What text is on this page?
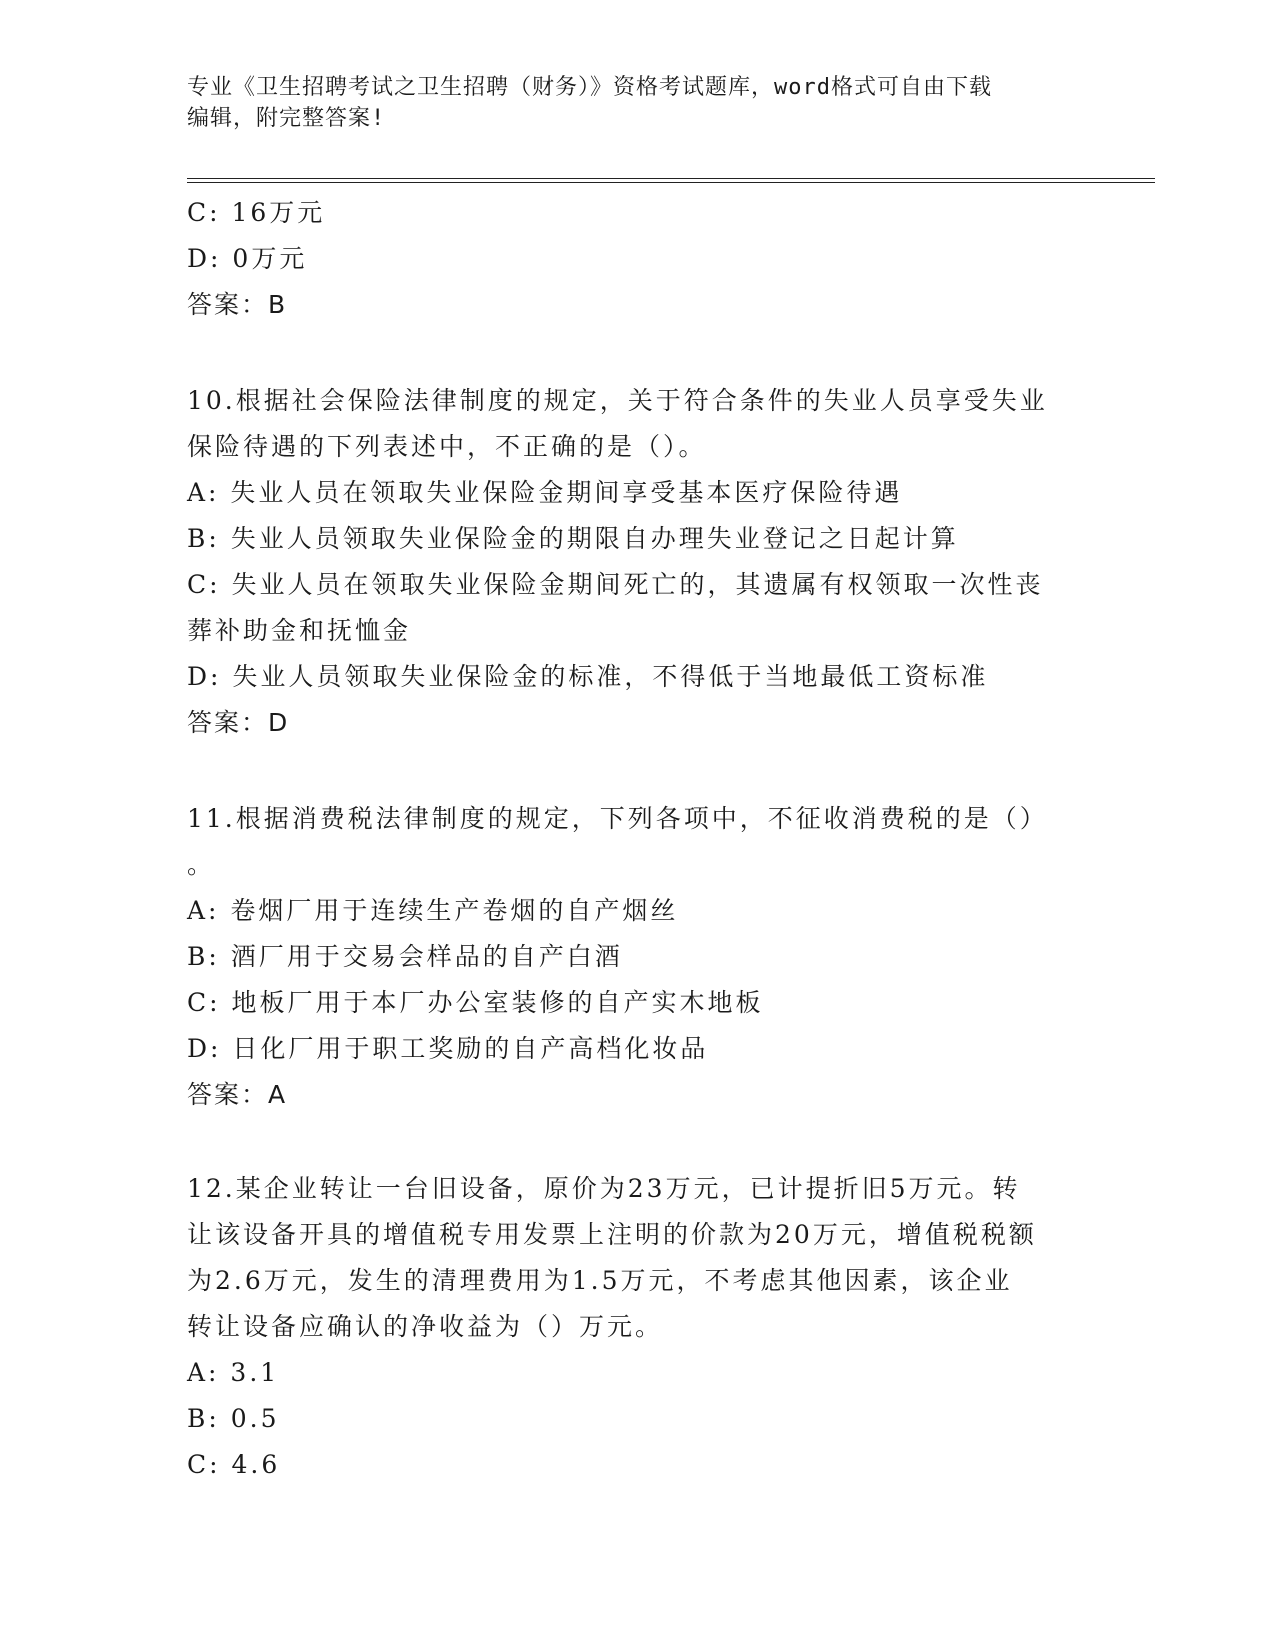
专业《卫生招聘考试之卫生招聘（财务）》资格考试题库，word格式可自由下载
编辑，附完整答案!
C: 16万元
D: 0万元
答案：B
10.根据社会保险法律制度的规定，关于符合条件的失业人员享受失业
保险待遇的下列表述中，不正确的是（）。
A: 失业人员在领取失业保险金期间享受基本医疗保险待遇
B: 失业人员领取失业保险金的期限自办理失业登记之日起计算
C: 失业人员在领取失业保险金期间死亡的，其遗属有权领取一次性丧
葬补助金和抚恤金
D: 失业人员领取失业保险金的标准，不得低于当地最低工资标准
答案：D
11.根据消费税法律制度的规定，下列各项中，不征收消费税的是（）
。
A: 卷烟厂用于连续生产卷烟的自产烟丝
B: 酒厂用于交易会样品的自产白酒
C: 地板厂用于本厂办公室装修的自产实木地板
D: 日化厂用于职工奖励的自产高档化妆品
答案：A
12.某企业转让一台旧设备，原价为23万元，已计提折旧5万元。转
让该设备开具的增值税专用发票上注明的价款为20万元，增值税税额
为2.6万元，发生的清理费用为1.5万元，不考虑其他因素，该企业
转让设备应确认的净收益为（）万元。
A: 3.1
B: 0.5
C: 4.6
